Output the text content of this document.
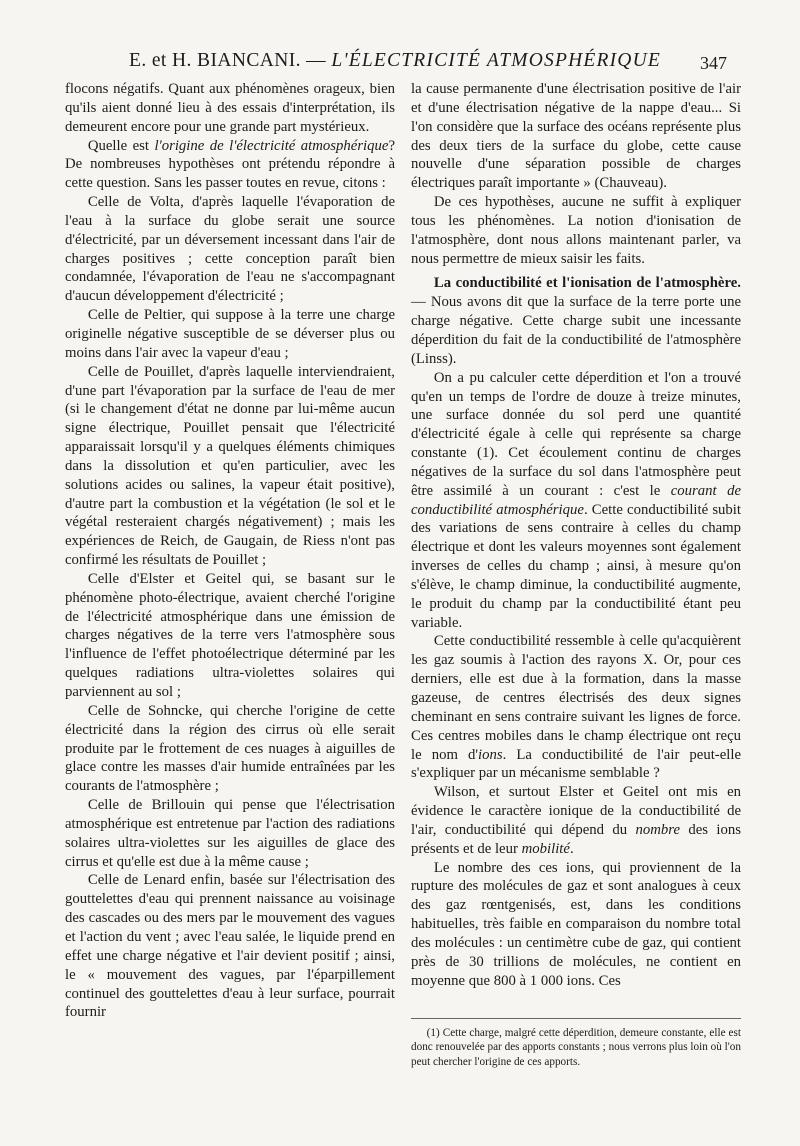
E. et H. BIANCANI. — L'ÉLECTRICITÉ ATMOSPHÉRIQUE	347

flocons négatifs. Quant aux phénomènes orageux, bien qu'ils aient donné lieu à des essais d'interprétation, ils demeurent encore pour une grande part mystérieux.

Quelle est l'origine de l'électricité atmosphérique? De nombreuses hypothèses ont prétendu répondre à cette question. Sans les passer toutes en revue, citons :

Celle de Volta, d'après laquelle l'évaporation de l'eau à la surface du globe serait une source d'électricité, par un déversement incessant dans l'air de charges positives ; cette conception paraît bien condamnée, l'évaporation de l'eau ne s'accompagnant d'aucun développement d'électricité ;

Celle de Peltier, qui suppose à la terre une charge originelle négative susceptible de se déverser plus ou moins dans l'air avec la vapeur d'eau ;

Celle de Pouillet, d'après laquelle interviendraient, d'une part l'évaporation par la surface de l'eau de mer (si le changement d'état ne donne par lui-même aucun signe électrique, Pouillet pensait que l'électricité apparaissait lorsqu'il y a quelques éléments chimiques dans la dissolution et qu'en particulier, avec les solutions acides ou salines, la vapeur était positive), d'autre part la combustion et la végétation (le sol et le végétal resteraient chargés négativement) ; mais les expériences de Reich, de Gaugain, de Riess n'ont pas confirmé les résultats de Pouillet ;

Celle d'Elster et Geitel qui, se basant sur le phénomène photo-électrique, avaient cherché l'origine de l'électricité atmosphérique dans une émission de charges négatives de la terre vers l'atmosphère sous l'influence de l'effet photoélectrique déterminé par les quelques radiations ultra-violettes solaires qui parviennent au sol ;

Celle de Sohncke, qui cherche l'origine de cette électricité dans la région des cirrus où elle serait produite par le frottement de ces nuages à aiguilles de glace contre les masses d'air humide entraînées par les courants de l'atmosphère ;

Celle de Brillouin qui pense que l'électrisation atmosphérique est entretenue par l'action des radiations solaires ultra-violettes sur les aiguilles de glace des cirrus et qu'elle est due à la même cause ;

Celle de Lenard enfin, basée sur l'électrisation des gouttelettes d'eau qui prennent naissance au voisinage des cascades ou des mers par le mouvement des vagues et l'action du vent ; avec l'eau salée, le liquide prend en effet une charge négative et l'air devient positif ; ainsi, le « mouvement des vagues, par l'éparpillement continuel des gouttelettes d'eau à leur surface, pourrait fournir

la cause permanente d'une électrisation positive de l'air et d'une électrisation négative de la nappe d'eau... Si l'on considère que la surface des océans représente plus des deux tiers de la surface du globe, cette cause nouvelle d'une séparation possible de charges électriques paraît importante » (Chauveau).

De ces hypothèses, aucune ne suffit à expliquer tous les phénomènes. La notion d'ionisation de l'atmosphère, dont nous allons maintenant parler, va nous permettre de mieux saisir les faits.

La conductibilité et l'ionisation de l'atmosphère. — Nous avons dit que la surface de la terre porte une charge négative. Cette charge subit une incessante déperdition du fait de la conductibilité de l'atmosphère (Linss).

On a pu calculer cette déperdition et l'on a trouvé qu'en un temps de l'ordre de douze à treize minutes, une surface donnée du sol perd une quantité d'électricité égale à celle qui représente sa charge constante (1). Cet écoulement continu de charges négatives de la surface du sol dans l'atmosphère peut être assimilé à un courant : c'est le courant de conductibilité atmosphérique. Cette conductibilité subit des variations de sens contraire à celles du champ électrique et dont les valeurs moyennes sont également inverses de celles du champ ; ainsi, à mesure qu'on s'élève, le champ diminue, la conductibilité augmente, le produit du champ par la conductibilité étant peu variable.

Cette conductibilité ressemble à celle qu'acquièrent les gaz soumis à l'action des rayons X. Or, pour ces derniers, elle est due à la formation, dans la masse gazeuse, de centres électrisés des deux signes cheminant en sens contraire suivant les lignes de force. Ces centres mobiles dans le champ électrique ont reçu le nom d'ions. La conductibilité de l'air peut-elle s'expliquer par un mécanisme semblable ?

Wilson, et surtout Elster et Geitel ont mis en évidence le caractère ionique de la conductibilité de l'air, conductibilité qui dépend du nombre des ions présents et de leur mobilité.

Le nombre des ces ions, qui proviennent de la rupture des molécules de gaz et sont analogues à ceux des gaz rœntgenisés, est, dans les conditions habituelles, très faible en comparaison du nombre total des molécules : un centimètre cube de gaz, qui contient près de 30 trillions de molécules, ne contient en moyenne que 800 à 1 000 ions. Ces

(1) Cette charge, malgré cette déperdition, demeure constante, elle est donc renouvelée par des apports constants ; nous verrons plus loin où l'on peut chercher l'origine de ces apports.
